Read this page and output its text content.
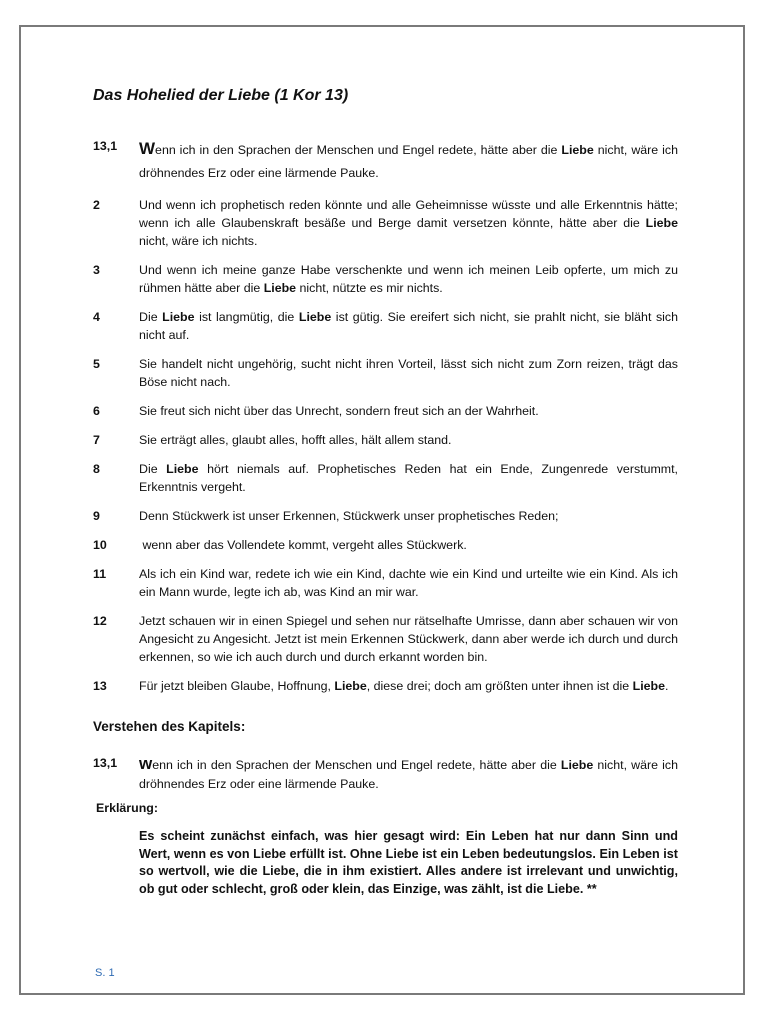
Das Hohelied der Liebe (1 Kor 13)
13,1	Wenn ich in den Sprachen der Menschen und Engel redete, hätte aber die Liebe nicht, wäre ich dröhnendes Erz oder eine lärmende Pauke.
2	Und wenn ich prophetisch reden könnte und alle Geheimnisse wüsste und alle Erkenntnis hätte; wenn ich alle Glaubenskraft besäße und Berge damit versetzen könnte, hätte aber die Liebe nicht, wäre ich nichts.
3	Und wenn ich meine ganze Habe verschenkte und wenn ich meinen Leib opferte, um mich zu rühmen hätte aber die Liebe nicht, nützte es mir nichts.
4	Die Liebe ist langmütig, die Liebe ist gütig. Sie ereifert sich nicht, sie prahlt nicht, sie bläht sich nicht auf.
5	Sie handelt nicht ungehörig, sucht nicht ihren Vorteil, lässt sich nicht zum Zorn reizen, trägt das Böse nicht nach.
6	Sie freut sich nicht über das Unrecht, sondern freut sich an der Wahrheit.
7	Sie erträgt alles, glaubt alles, hofft alles, hält allem stand.
8	Die Liebe hört niemals auf. Prophetisches Reden hat ein Ende, Zungenrede verstummt, Erkenntnis vergeht.
9	Denn Stückwerk ist unser Erkennen, Stückwerk unser prophetisches Reden;
10	wenn aber das Vollendete kommt, vergeht alles Stückwerk.
11	Als ich ein Kind war, redete ich wie ein Kind, dachte wie ein Kind und urteilte wie ein Kind. Als ich ein Mann wurde, legte ich ab, was Kind an mir war.
12	Jetzt schauen wir in einen Spiegel und sehen nur rätselhafte Umrisse, dann aber schauen wir von Angesicht zu Angesicht. Jetzt ist mein Erkennen Stückwerk, dann aber werde ich durch und durch erkennen, so wie ich auch durch und durch erkannt worden bin.
13	Für jetzt bleiben Glaube, Hoffnung, Liebe, diese drei; doch am größten unter ihnen ist die Liebe.
Verstehen des Kapitels:
13,1	wenn ich in den Sprachen der Menschen und Engel redete, hätte aber die Liebe nicht, wäre ich dröhnendes Erz oder eine lärmende Pauke.
Erklärung:
Es scheint zunächst einfach, was hier gesagt wird: Ein Leben hat nur dann Sinn und Wert, wenn es von Liebe erfüllt ist. Ohne Liebe ist ein Leben bedeutungslos. Ein Leben ist so wertvoll, wie die Liebe, die in ihm existiert. Alles andere ist irrelevant und unwichtig, ob gut oder schlecht, groß oder klein, das Einzige, was zählt, ist die Liebe. **
S. 1
